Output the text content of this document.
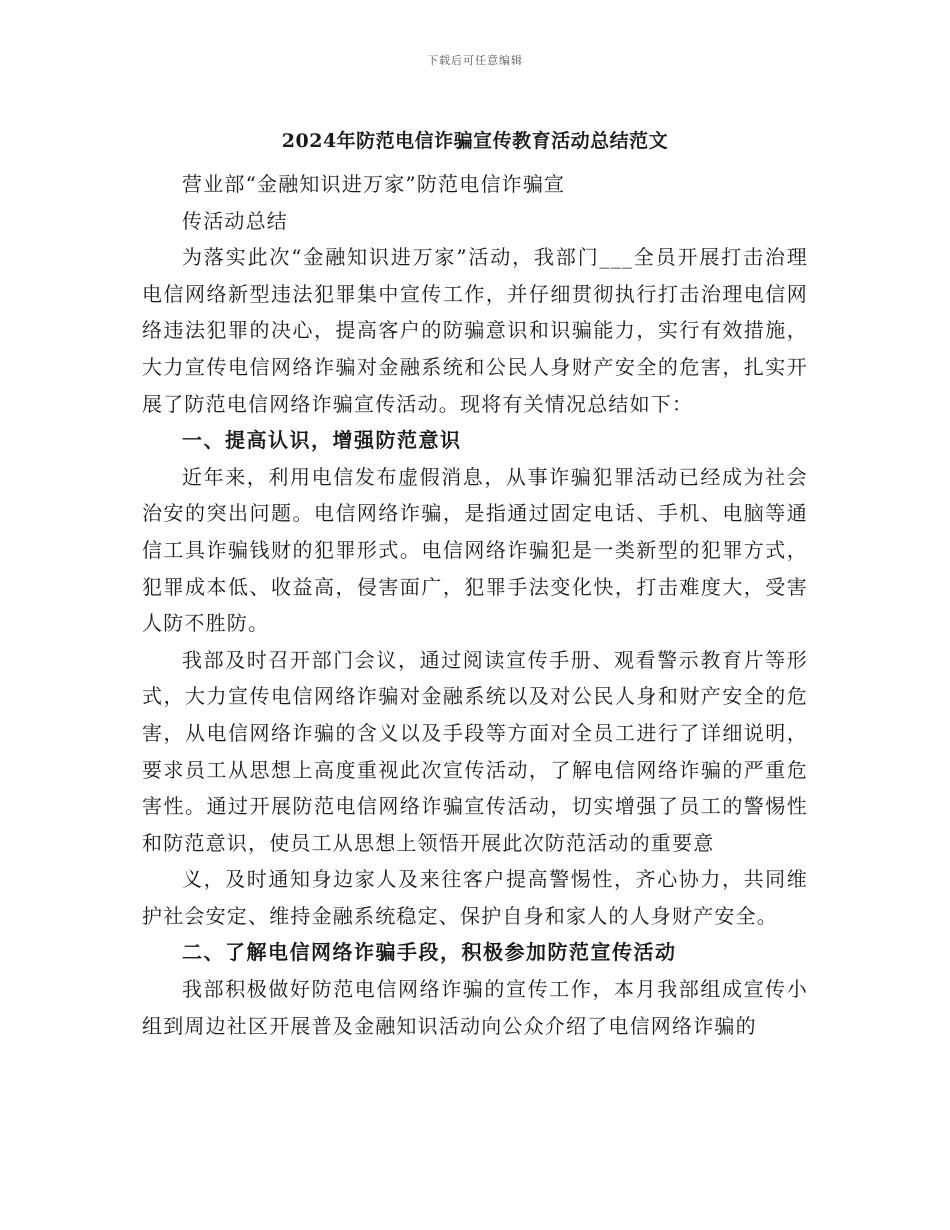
下载后可任意编辑
2024年防范电信诈骗宣传教育活动总结范文

营业部“金融知识进万家”防范电信诈骗宣

传活动总结

为落实此次“金融知识进万家”活动，我部门___全员开展打击治理电信网络新型违法犯罪集中宣传工作，并仔细贯彻执行打击治理电信网络违法犯罪的决心，提高客户的防骗意识和识骗能力，实行有效措施，大力宣传电信网络诈骗对金融系统和公民人身财产安全的危害，扎实开展了防范电信网络诈骗宣传活动。现将有关情况总结如下：

一、提高认识，增强防范意识

近年来，利用电信发布虚假消息，从事诈骗犯罪活动已经成为社会治安的突出问题。电信网络诈骗，是指通过固定电话、手机、电脑等通信工具诈骗钱财的犯罪形式。电信网络诈骗犯是一类新型的犯罪方式，犯罪成本低、收益高，侵害面广，犯罪手法变化快，打击难度大，受害人防不胜防。

我部及时召开部门会议，通过阅读宣传手册、观看警示教育片等形式，大力宣传电信网络诈骗对金融系统以及对公民人身和财产安全的危害，从电信网络诈骗的含义以及手段等方面对全员工进行了详细说明，要求员工从思想上高度重视此次宣传活动，了解电信网络诈骗的严重危害性。通过开展防范电信网络诈骗宣传活动，切实增强了员工的警惕性和防范意识，使员工从思想上领悟开展此次防范活动的重要意

义，及时通知身边家人及来往客户提高警惕性，齐心协力，共同维护社会安定、维持金融系统稳定、保护自身和家人的人身财产安全。

二、了解电信网络诈骗手段，积极参加防范宣传活动

我部积极做好防范电信网络诈骗的宣传工作，本月我部组成宣传小组到周边社区开展普及金融知识活动向公众介绍了电信网络诈骗的
